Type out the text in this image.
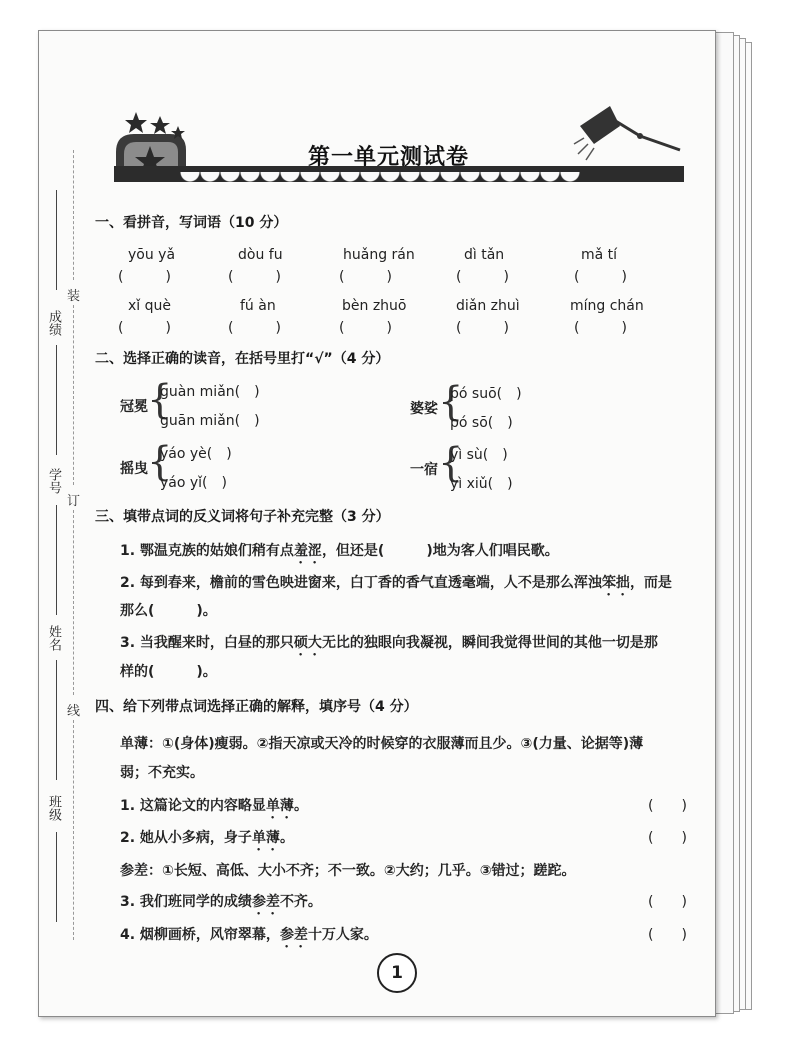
成绩
学号
姓名
班级
装
订
线
第一单元测试卷
一、看拼音，写词语（10 分）
yōu yǎ	dòu fu	huǎng rán	dì tǎn	mǎ tí
(　　　)	(　　　)	(　　　)	(　　　)	(　　　)
xǐ què	fú àn	bèn zhuō	diǎn zhuì	míng chán
(　　　)	(　　　)	(　　　)	(　　　)	(　　　)
二、选择正确的读音，在括号里打“√”（4 分）
冠冕 {
guàn miǎn(　)
guān miǎn(　)
婆娑 {
pó suō(　)
pó sō(　)
摇曳 {
yáo yè(　)
yáo yǐ(　)
一宿 {
yì sù(　)
yì xiǔ(　)
三、填带点词的反义词将句子补充完整（3 分）
1. 鄂温克族的姑娘们稍有点羞涩，但还是(　　　)地为客人们唱民歌。
2. 每到春来，檐前的雪色映进窗来，白丁香的香气直透毫端，人不是那么浑浊笨拙，而是
那么(　　　)。
3. 当我醒来时，白昼的那只硕大无比的独眼向我凝视，瞬间我觉得世间的其他一切是那
样的(　　　)。
四、给下列带点词选择正确的解释，填序号（4 分）
单薄：①(身体)瘦弱。②指天凉或天冷的时候穿的衣服薄而且少。③(力量、论据等)薄
弱；不充实。
1. 这篇论文的内容略显单薄。	(　　)
2. 她从小多病，身子单薄。	(　　)
参差：①长短、高低、大小不齐；不一致。②大约；几乎。③错过；蹉跎。
3. 我们班同学的成绩参差不齐。	(　　)
4. 烟柳画桥，风帘翠幕，参差十万人家。	(　　)
1
